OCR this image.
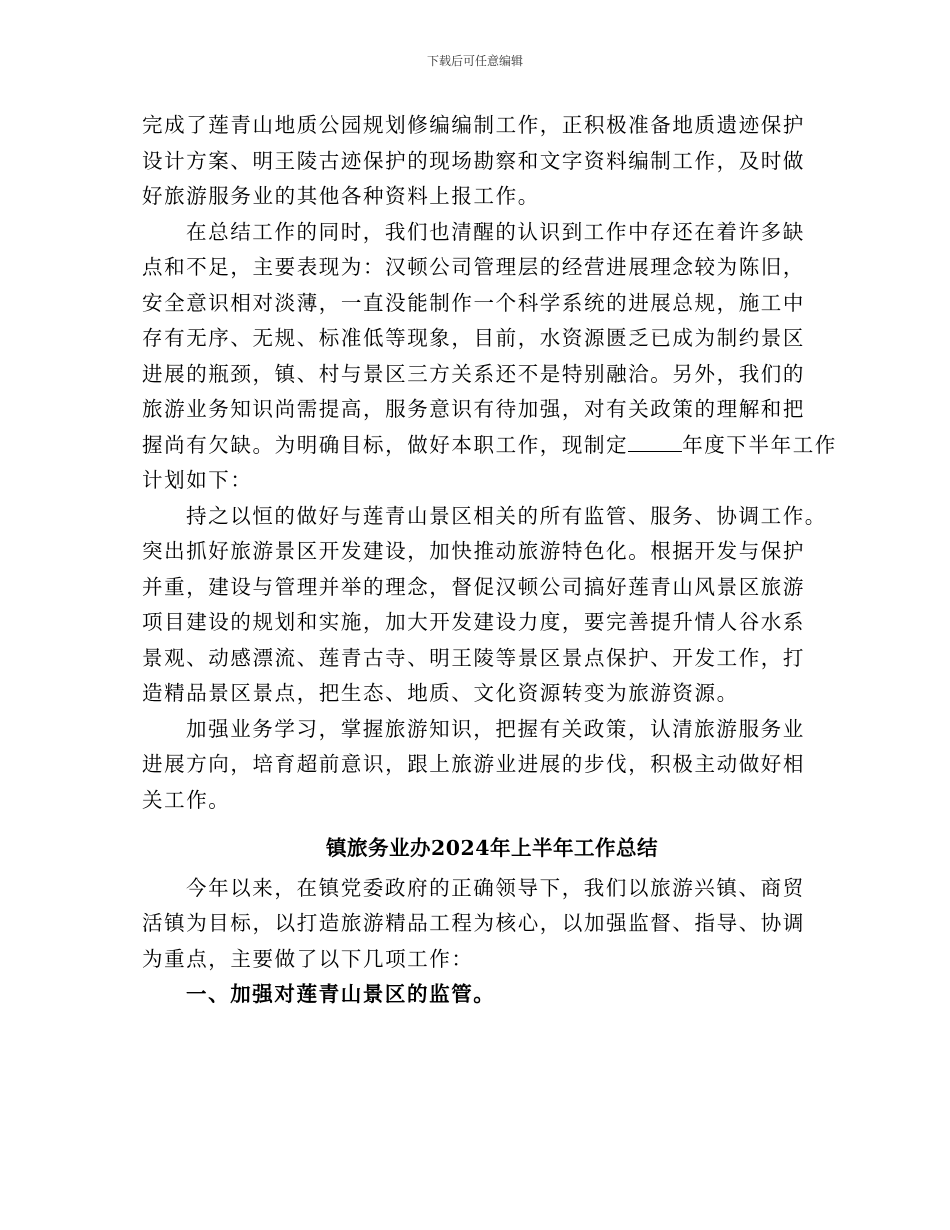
下载后可任意编辑
完成了莲青山地质公园规划修编编制工作，正积极准备地质遗迹保护
设计方案、明王陵古迹保护的现场勘察和文字资料编制工作，及时做
好旅游服务业的其他各种资料上报工作。
在总结工作的同时，我们也清醒的认识到工作中存还在着许多缺
点和不足，主要表现为：汉顿公司管理层的经营进展理念较为陈旧，
安全意识相对淡薄，一直没能制作一个科学系统的进展总规，施工中
存有无序、无规、标准低等现象，目前，水资源匮乏已成为制约景区
进展的瓶颈，镇、村与景区三方关系还不是特别融洽。另外，我们的
旅游业务知识尚需提高，服务意识有待加强，对有关政策的理解和把
握尚有欠缺。为明确目标，做好本职工作，现制定	年度下半年工作
计划如下：
持之以恒的做好与莲青山景区相关的所有监管、服务、协调工作。
突出抓好旅游景区开发建设，加快推动旅游特色化。根据开发与保护
并重，建设与管理并举的理念，督促汉顿公司搞好莲青山风景区旅游
项目建设的规划和实施，加大开发建设力度，要完善提升情人谷水系
景观、动感漂流、莲青古寺、明王陵等景区景点保护、开发工作，打
造精品景区景点，把生态、地质、文化资源转变为旅游资源。
加强业务学习，掌握旅游知识，把握有关政策，认清旅游服务业
进展方向，培育超前意识，跟上旅游业进展的步伐，积极主动做好相
关工作。
镇旅务业办2024年上半年工作总结
今年以来，在镇党委政府的正确领导下，我们以旅游兴镇、商贸
活镇为目标，以打造旅游精品工程为核心，以加强监督、指导、协调
为重点，主要做了以下几项工作：
一、加强对莲青山景区的监管。
